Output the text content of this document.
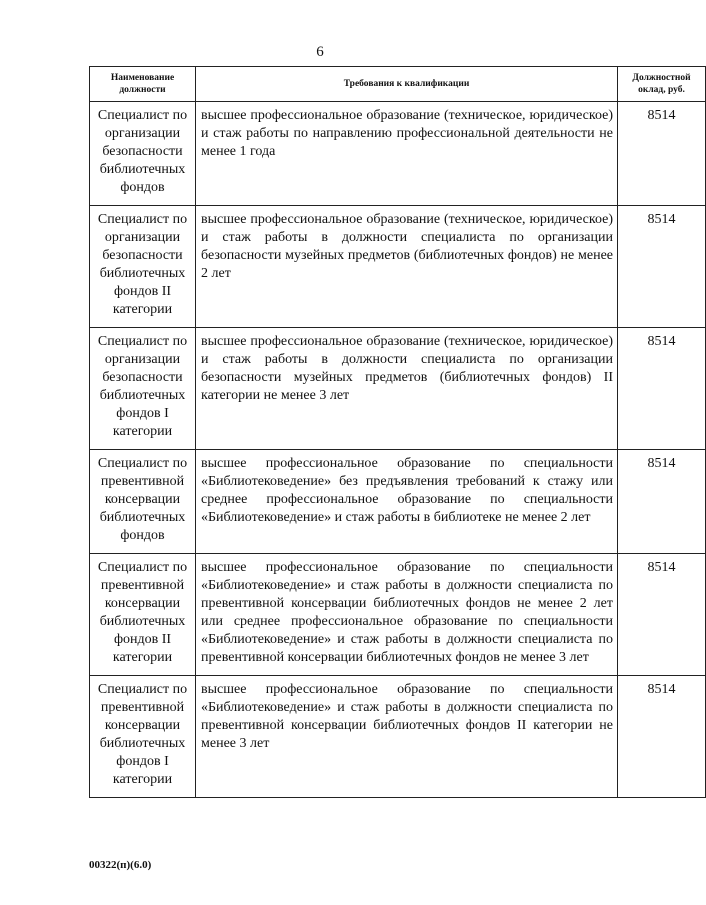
6
Наименование должности	Требования к квалификации	Должностной оклад, руб.
Специалист по организации безопасности библиотечных фондов	высшее профессиональное образование (техническое, юридическое) и стаж работы по направлению профессиональной деятельности не менее 1 года	8514
Специалист по организации безопасности библиотечных фондов II категории	высшее профессиональное образование (техническое, юридическое) и стаж работы в должности специалиста по организации безопасности музейных предметов (библиотечных фондов) не менее 2 лет	8514
Специалист по организации безопасности библиотечных фондов I категории	высшее профессиональное образование (техническое, юридическое) и стаж работы в должности специалиста по организации безопасности музейных предметов (библиотечных фондов) II категории не менее 3 лет	8514
Специалист по превентивной консервации библиотечных фондов	высшее профессиональное образование по специальности «Библиотековедение» без предъявления требований к стажу или среднее профессиональное образование по специальности «Библиотековедение» и стаж работы в библиотеке не менее 2 лет	8514
Специалист по превентивной консервации библиотечных фондов II категории	высшее профессиональное образование по специальности «Библиотековедение» и стаж работы в должности специалиста по превентивной консервации библиотечных фондов не менее 2 лет или среднее профессиональное образование по специальности «Библиотековедение» и стаж работы в должности специалиста по превентивной консервации библиотечных фондов не менее 3 лет	8514
Специалист по превентивной консервации библиотечных фондов I категории	высшее профессиональное образование по специальности «Библиотековедение» и стаж работы в должности специалиста по превентивной консервации библиотечных фондов II категории не менее 3 лет	8514
00322(п)(6.0)
